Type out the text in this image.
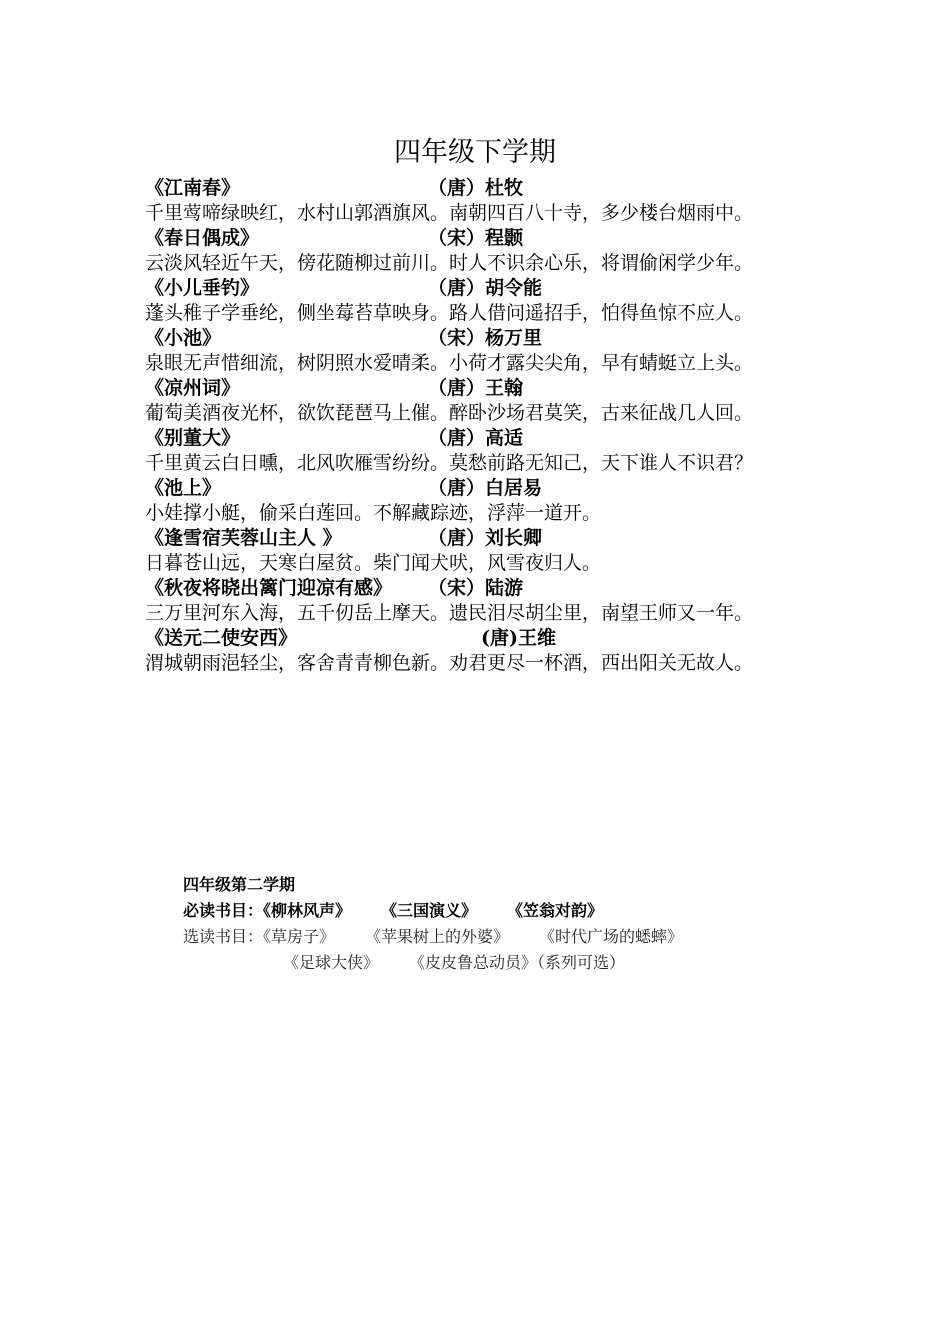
四年级下学期
《江南春》	（唐）杜牧

千里莺啼绿映红，水村山郭酒旗风。南朝四百八十寺，多少楼台烟雨中。

《春日偶成》	（宋）程颢

云淡风轻近午天，傍花随柳过前川。时人不识余心乐，将谓偷闲学少年。

《小儿垂钓》	（唐）胡令能

蓬头稚子学垂纶，侧坐莓苔草映身。路人借问遥招手，怕得鱼惊不应人。

《小池》	（宋）杨万里

泉眼无声惜细流，树阴照水爱晴柔。小荷才露尖尖角，早有蜻蜓立上头。

《凉州词》	（唐）王翰

葡萄美酒夜光杯，欲饮琵琶马上催。醉卧沙场君莫笑，古来征战几人回。

《别董大》	（唐）高适

千里黄云白日曛，北风吹雁雪纷纷。莫愁前路无知己，天下谁人不识君？

《池上》	（唐）白居易

小娃撑小艇，偷采白莲回。不解藏踪迹，浮萍一道开。

《逢雪宿芙蓉山主人 》	（唐）刘长卿

日暮苍山远，天寒白屋贫。柴门闻犬吠，风雪夜归人。

《秋夜将晓出篱门迎凉有感》 （宋）陆游

三万里河东入海，五千仞岳上摩天。遗民泪尽胡尘里，南望王师又一年。

《送元二使安西》	(唐)王维

渭城朝雨浥轻尘，客舍青青柳色新。劝君更尽一杯酒，西出阳关无故人。

四年级第二学期
必读书目：《柳林风声》 《三国演义》 《笠翁对韵》
选读书目：《草房子》 《苹果树上的外婆》 《时代广场的蟋蟀》
《足球大侠》 《皮皮鲁总动员》（系列可选）
